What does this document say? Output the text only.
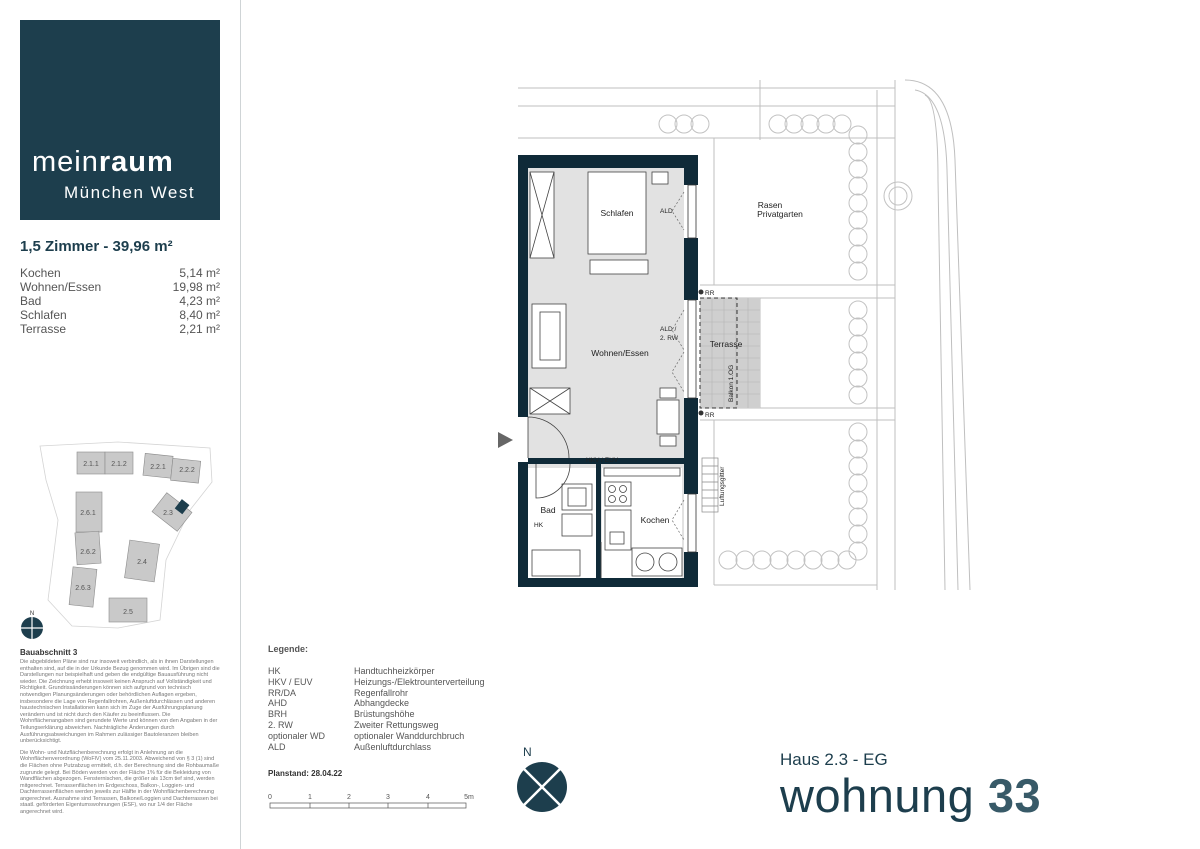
meinraum
München West
1,5 Zimmer - 39,96 m²
Kochen	5,14 m²
Wohnen/Essen	19,98 m²
Bad	4,23 m²
Schlafen	8,40 m²
Terrasse	2,21 m²
2.1.1 2.1.2	2.2.1 2.2.2
2.3
2.6.1
2.6.2
2.6.3
2.4
2.5
N
Bauabschnitt 3

Die abgebildeten Pläne sind nur insoweit verbindlich, als in ihnen Darstellungen enthalten sind, auf die in der Urkunde Bezug genommen wird. Im Übrigen sind die Darstellungen nur beispielhaft und geben die endgültige Bauausführung nicht wieder. Die Zeichnung erhebt insoweit keinen Anspruch auf Vollständigkeit und Richtigkeit. Grundrissänderungen können sich aufgrund von technisch notwendigen Planungsänderungen oder behördlichen Auflagen ergeben, insbesondere die Lage von Regenfallrohren, Außenluftdurchlässen und anderen haustechnischen Installationen kann sich im Zuge der Ausführungsplanung verändern und ist nicht durch den Käufer zu beeinflussen. Die Wohnflächenangaben sind gerundete Werte und können von den Angaben in der Teilungserklärung abweichen. Nachträgliche Änderungen durch Ausführungsabweichungen im Rahmen zulässiger Bautoleranzen bleiben unberücksichtigt.

Die Wohn- und Nutzflächenberechnung erfolgt in Anlehnung an die Wohnflächenverordnung (WoFlV) vom 25.11.2003. Abweichend von § 3 (1) sind die Flächen ohne Putzabzug ermittelt, d.h. der Berechnung sind die Rohbaumaße zugrunde gelegt. Bei Böden werden von der Fläche 1% für die Bekleidung von Wandflächen abgezogen. Fensternischen, die größer als 13cm tief sind, werden mitgerechnet. Terrassenflächen im Erdgeschoss, Balkon-, Loggien- und Dachterrassenflächen werden jeweils zur Hälfte in der Wohnflächenberechnung angerechnet. Ausnahme sind Terrassen, Balkone/Loggien und Dachterrassen bei staatl. geförderten Eigentumswohnungen (ESF), wo nur 1/4 der Fläche angerechnet wird.

Schlafen
Wohnen/Essen
Kochen
Bad
Terrasse
Rasen
Privatgarten
HK
HKV / EUV
ALD
ALD /
2. RW
RR
RR
Balkon 1.OG
Luftungsgitter
Legende:
HK	Handtuchheizkörper
HKV / EUV	Heizungs-/Elektrounterverteilung
RR/DA	Regenfallrohr
AHD	Abhangdecke
BRH	Brüstungshöhe
2. RW	Zweiter Rettungsweg
optionaler WD	optionaler Wanddurchbruch
ALD	Außenluftdurchlass
Planstand: 28.04.22
0	1	2	3	4	5m
N	Haus 2.3 - EG
wohnung 33
